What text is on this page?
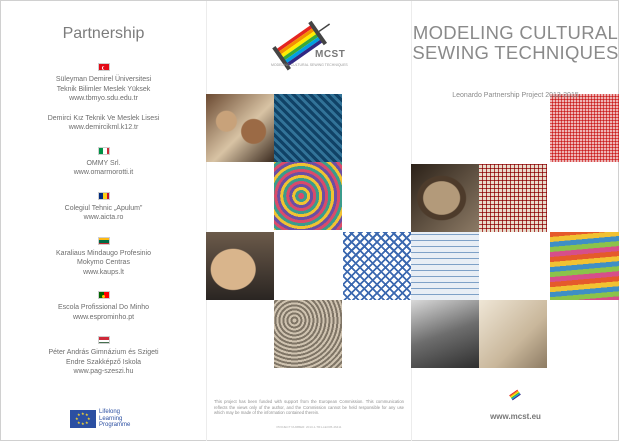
Partnership
Süleyman Demirel Üniversitesi
Teknik Bilimler Meslek Yüksek
www.tbmyo.sdu.edu.tr
Demirci Kız Teknik Ve Meslek Lisesi
www.demircikml.k12.tr
OMMY Srl.
www.omarmorotti.it
Colegiul Tehnic „Apulum”
www.aicta.ro
Karaliaus Mindaugo Profesinio
Mokymo Centras
www.kaups.lt
Escola Profissional Do Minho
www.esprominho.pt
Péter András Gimnázium és Szigeti
Endre Szakképző Iskola
www.pag-szeszi.hu
★ ★
★
★
★
★
★
★	Lifelong
Learning
Programme
MCST
MODELING CULTURAL SEWING TECHNIQUES
This project has been funded with support from the European Commission. This communication reflects the views only of the author, and the Commission cannot be held responsible for any use which may be made of the information contained therein.
PROJECT NUMBER: 2013-1-TR1-LEO05-46411
MODELING CULTURAL
SEWING TECHNIQUES
Leonardo Partnership Project 2013-2015
www.mcst.eu
